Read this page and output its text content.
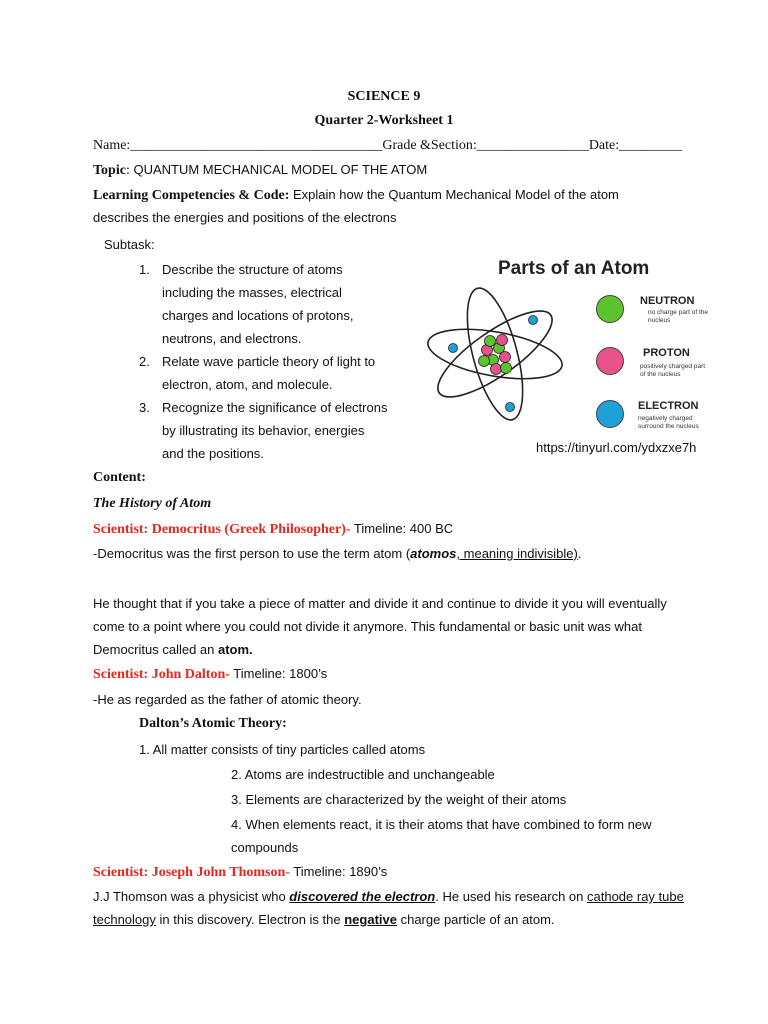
SCIENCE 9
Quarter 2-Worksheet 1
Name:____________________________________Grade &Section:________________Date:_________
Topic: QUANTUM MECHANICAL MODEL OF THE ATOM
Learning Competencies & Code: Explain how the Quantum Mechanical Model of the atom
describes the energies and positions of the electrons
Subtask:
1. Describe the structure of atoms
including the masses, electrical
charges and locations of protons,
neutrons, and electrons.
2. Relate wave particle theory of light to
electron, atom, and molecule.
3. Recognize the significance of electrons
by illustrating its behavior, energies
and the positions.
Parts of an Atom
NEUTRON
no charge part of the nucleus
PROTON
positively charged part of the nucleus
ELECTRON
negatively charged surround the nucleus
https://tinyurl.com/ydxzxe7h
Content:
The History of Atom
Scientist: Democritus (Greek Philosopher)- Timeline: 400 BC
-Democritus was the first person to use the term atom (atomos, meaning indivisible).
He thought that if you take a piece of matter and divide it and continue to divide it you will eventually
come to a point where you could not divide it anymore. This fundamental or basic unit was what
Democritus called an atom.
Scientist: John Dalton- Timeline: 1800’s
-He as regarded as the father of atomic theory.
Dalton’s Atomic Theory:
1. All matter consists of tiny particles called atoms
2. Atoms are indestructible and unchangeable
3. Elements are characterized by the weight of their atoms
4. When elements react, it is their atoms that have combined to form new
compounds
Scientist: Joseph John Thomson- Timeline: 1890’s
J.J Thomson was a physicist who discovered the electron. He used his research on cathode ray tube
technology in this discovery. Electron is the negative charge particle of an atom.
